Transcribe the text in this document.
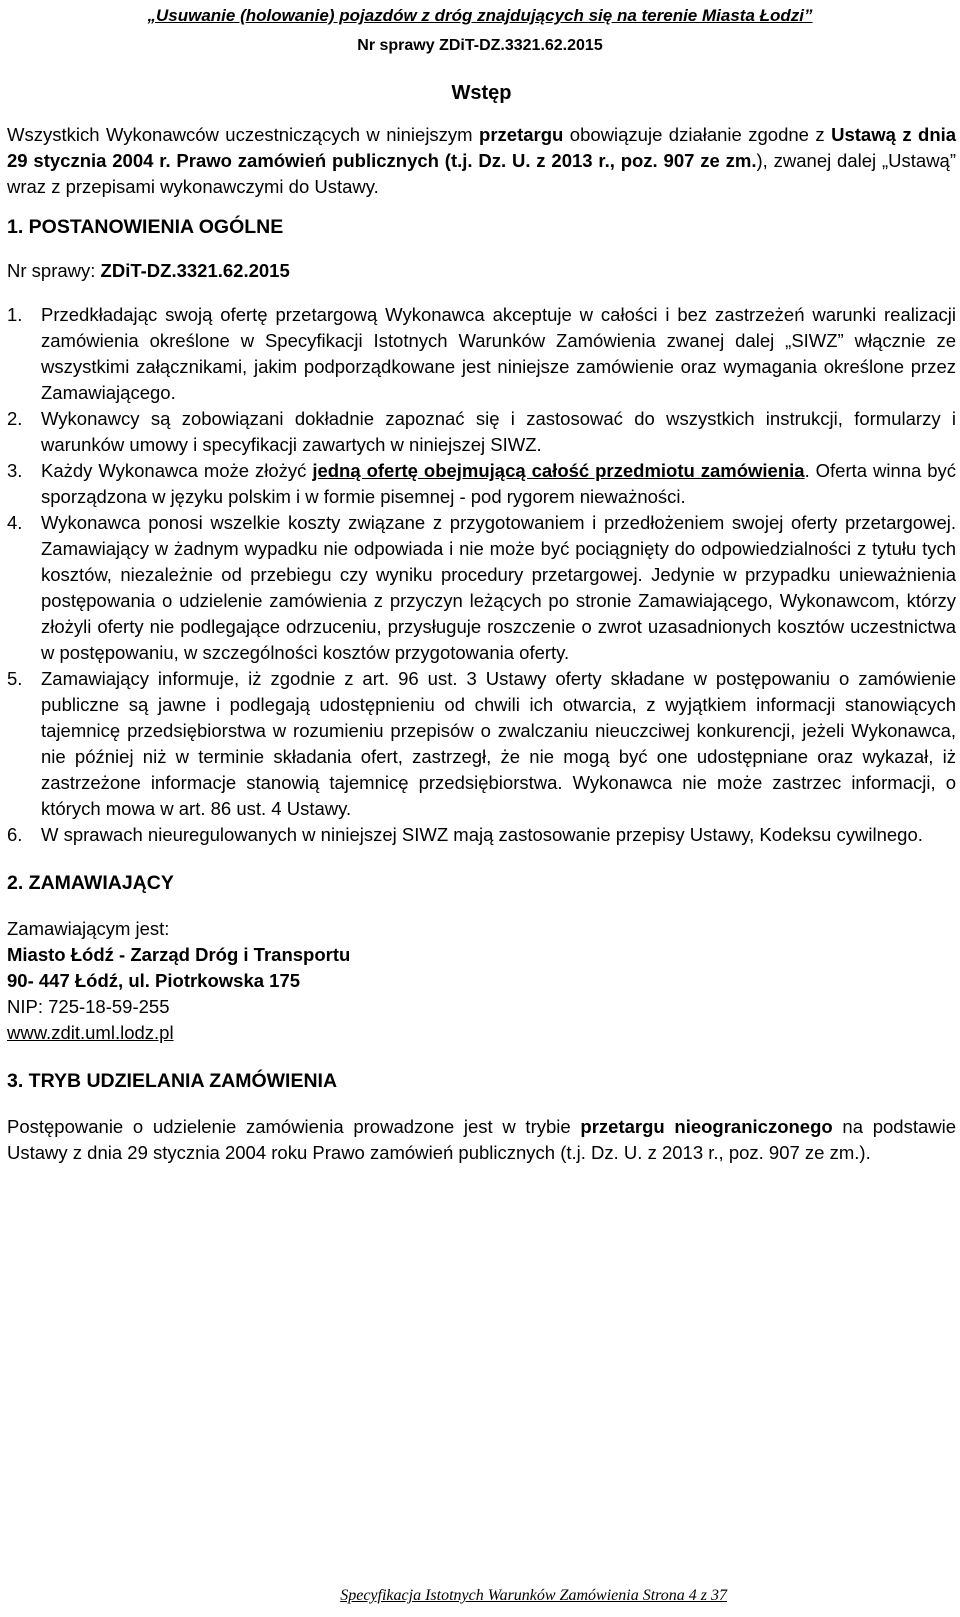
„Usuwanie (holowanie) pojazdów z dróg znajdujących się na terenie Miasta Łodzi”
Nr sprawy ZDiT-DZ.3321.62.2015
Wstęp

Wszystkich Wykonawców uczestniczących w niniejszym przetargu obowiązuje działanie zgodne z Ustawą z dnia 29 stycznia 2004 r. Prawo zamówień publicznych (t.j. Dz. U. z 2013 r., poz. 907 ze zm.), zwanej dalej „Ustawą” wraz z przepisami wykonawczymi do Ustawy.

1. POSTANOWIENIA OGÓLNE
Nr sprawy: ZDiT-DZ.3321.62.2015
1. Przedkładając swoją ofertę przetargową Wykonawca akceptuje w całości i bez zastrzeżeń warunki realizacji zamówienia określone w Specyfikacji Istotnych Warunków Zamówienia zwanej dalej „SIWZ” włącznie ze wszystkimi załącznikami, jakim podporządkowane jest niniejsze zamówienie oraz wymagania określone przez Zamawiającego.
2. Wykonawcy są zobowiązani dokładnie zapoznać się i zastosować do wszystkich instrukcji, formularzy i warunków umowy i specyfikacji zawartych w niniejszej SIWZ.
3. Każdy Wykonawca może złożyć jedną ofertę obejmującą całość przedmiotu zamówienia. Oferta winna być sporządzona w języku polskim i w formie pisemnej - pod rygorem nieważności.
4. Wykonawca ponosi wszelkie koszty związane z przygotowaniem i przedłożeniem swojej oferty przetargowej. Zamawiający w żadnym wypadku nie odpowiada i nie może być pociągnięty do odpowiedzialności z tytułu tych kosztów, niezależnie od przebiegu czy wyniku procedury przetargowej. Jedynie w przypadku unieważnienia postępowania o udzielenie zamówienia z przyczyn leżących po stronie Zamawiającego, Wykonawcom, którzy złożyli oferty nie podlegające odrzuceniu, przysługuje roszczenie o zwrot uzasadnionych kosztów uczestnictwa w postępowaniu, w szczególności kosztów przygotowania oferty.
5. Zamawiający informuje, iż zgodnie z art. 96 ust. 3 Ustawy oferty składane w postępowaniu o zamówienie publiczne są jawne i podlegają udostępnieniu od chwili ich otwarcia, z wyjątkiem informacji stanowiących tajemnicę przedsiębiorstwa w rozumieniu przepisów o zwalczaniu nieuczciwej konkurencji, jeżeli Wykonawca, nie później niż w terminie składania ofert, zastrzegł, że nie mogą być one udostępniane oraz wykazał, iż zastrzeżone informacje stanowią tajemnicę przedsiębiorstwa. Wykonawca nie może zastrzec informacji, o których mowa w art. 86 ust. 4 Ustawy.
6. W sprawach nieuregulowanych w niniejszej SIWZ mają zastosowanie przepisy Ustawy, Kodeksu cywilnego.
2. ZAMAWIAJĄCY
Zamawiającym jest:
Miasto Łódź - Zarząd Dróg i Transportu
90- 447 Łódź, ul. Piotrkowska 175
NIP: 725-18-59-255
www.zdit.uml.lodz.pl
3. TRYB UDZIELANIA ZAMÓWIENIA

Postępowanie o udzielenie zamówienia prowadzone jest w trybie przetargu nieograniczonego na podstawie Ustawy z dnia 29 stycznia 2004 roku Prawo zamówień publicznych (t.j. Dz. U. z 2013 r., poz. 907 ze zm.).

Specyfikacja Istotnych Warunków Zamówienia Strona 4 z 37
